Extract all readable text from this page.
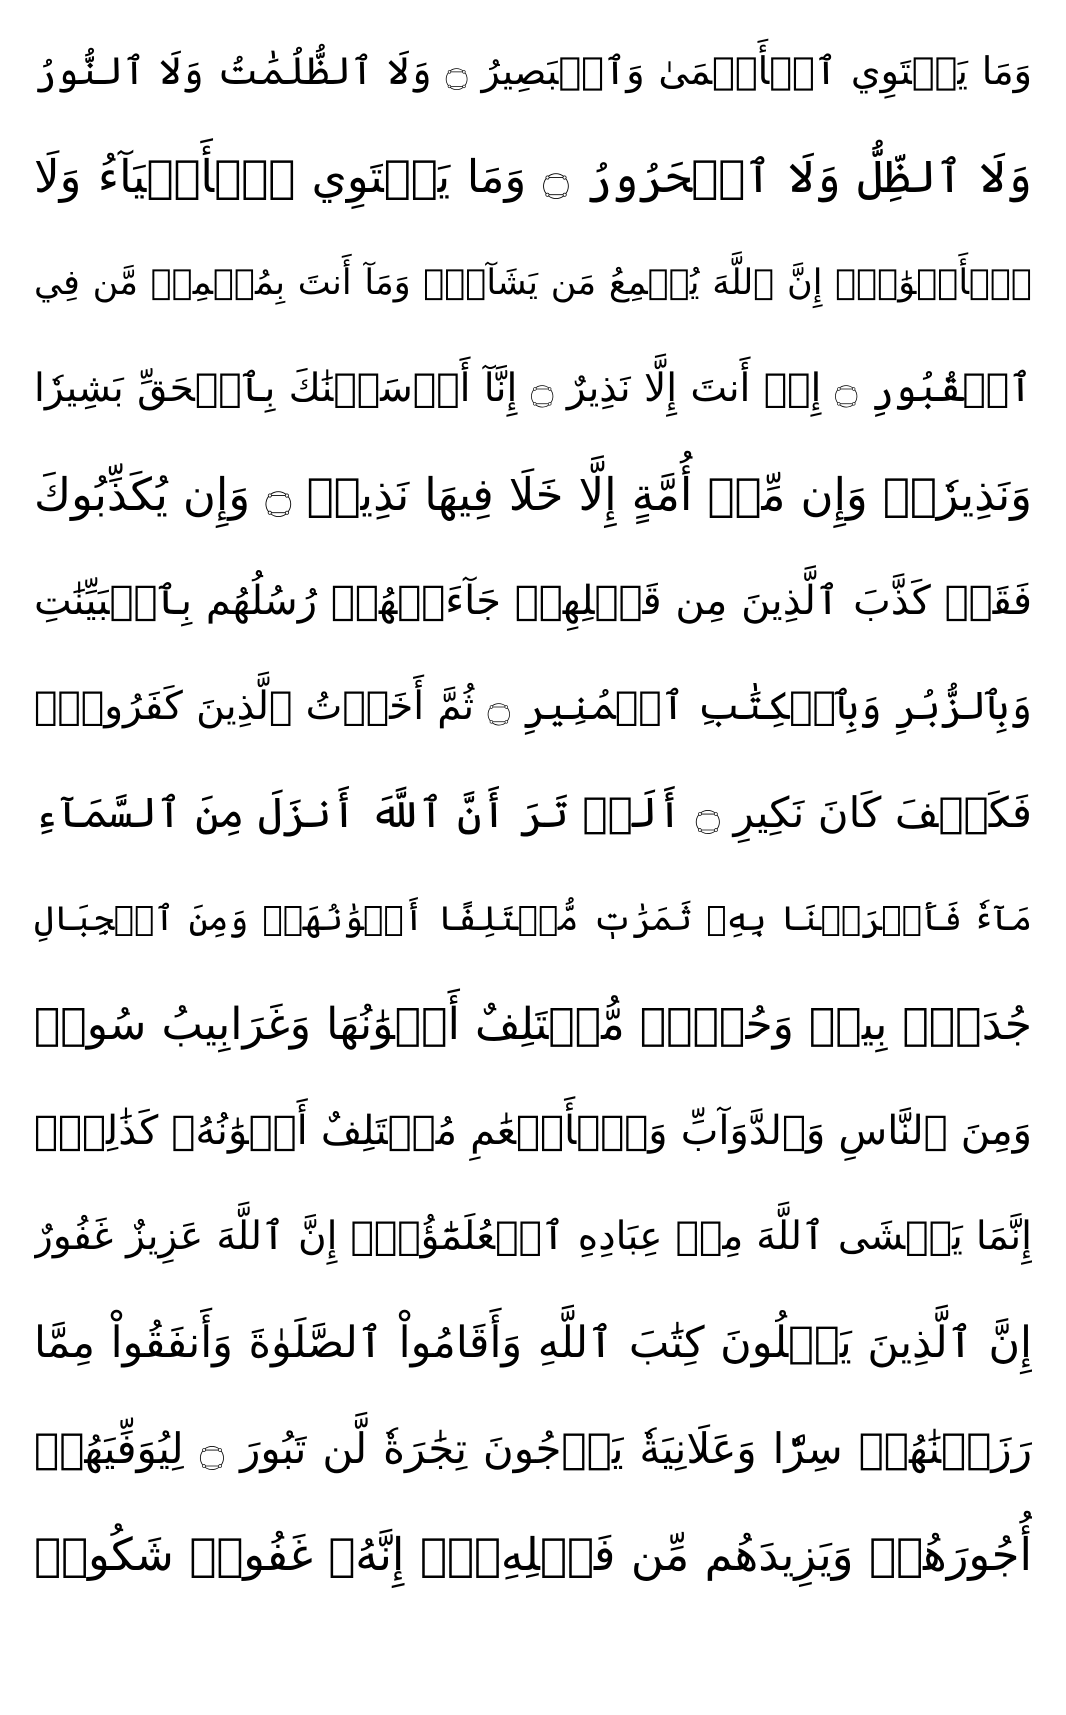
وَمَا يَسۡتَوِي ٱلۡأَعۡمَىٰ وَٱلۡبَصِيرُ ۝ وَلَا ٱلظُّلُمَٰتُ وَلَا ٱلنُّورُ
وَلَا ٱلظِّلُّ وَلَا ٱلۡحَرُورُ ۝ وَمَا يَسۡتَوِي ٱلۡأَحۡيَآءُ وَلَا
ٱلۡأَمۡوَٰتُۚ إِنَّ ٱللَّهَ يُسۡمِعُ مَن يَشَآءُۖ وَمَآ أَنتَ بِمُسۡمِعٖ مَّن فِي
ٱلۡقُبُورِ ۝ إِنۡ أَنتَ إِلَّا نَذِيرٌ ۝ إِنَّآ أَرۡسَلۡنَٰكَ بِٱلۡحَقِّ بَشِيرٗا
وَنَذِيرٗاۚ وَإِن مِّنۡ أُمَّةٍ إِلَّا خَلَا فِيهَا نَذِيرٞ ۝ وَإِن يُكَذِّبُوكَ
فَقَدۡ كَذَّبَ ٱلَّذِينَ مِن قَبۡلِهِمۡ جَآءَتۡهُمۡ رُسُلُهُم بِٱلۡبَيِّنَٰتِ
وَبِٱلزُّبُرِ وَبِٱلۡكِتَٰبِ ٱلۡمُنِيرِ ۝ ثُمَّ أَخَذۡتُ ٱلَّذِينَ كَفَرُواْۖ
فَكَيۡفَ كَانَ نَكِيرِ ۝ أَلَمۡ تَرَ أَنَّ ٱللَّهَ أَنزَلَ مِنَ ٱلسَّمَآءِ
مَآءٗ فَأَخۡرَجۡنَا بِهِۦ ثَمَرَٰتٖ مُّخۡتَلِفًا أَلۡوَٰنُهَاۚ وَمِنَ ٱلۡجِبَالِ
جُدَدُۢ بِيضٞ وَحُمۡرٞ مُّخۡتَلِفٌ أَلۡوَٰنُهَا وَغَرَابِيبُ سُودٞ
وَمِنَ ٱلنَّاسِ وَٱلدَّوَآبِّ وَٱلۡأَنۡعَٰمِ مُخۡتَلِفٌ أَلۡوَٰنُهُۥ كَذَٰلِكَۗ
إِنَّمَا يَخۡشَى ٱللَّهَ مِنۡ عِبَادِهِ ٱلۡعُلَمَٰٓؤُاْۗ إِنَّ ٱللَّهَ عَزِيزٌ غَفُورٌ
إِنَّ ٱلَّذِينَ يَتۡلُونَ كِتَٰبَ ٱللَّهِ وَأَقَامُواْ ٱلصَّلَوٰةَ وَأَنفَقُواْ مِمَّا
رَزَقۡنَٰهُمۡ سِرّٗا وَعَلَانِيَةٗ يَرۡجُونَ تِجَٰرَةٗ لَّن تَبُورَ ۝ لِيُوَفِّيَهُمۡ
أُجُورَهُمۡ وَيَزِيدَهُم مِّن فَضۡلِهِۦٓۚ إِنَّهُۥ غَفُورٞ شَكُورٞ
